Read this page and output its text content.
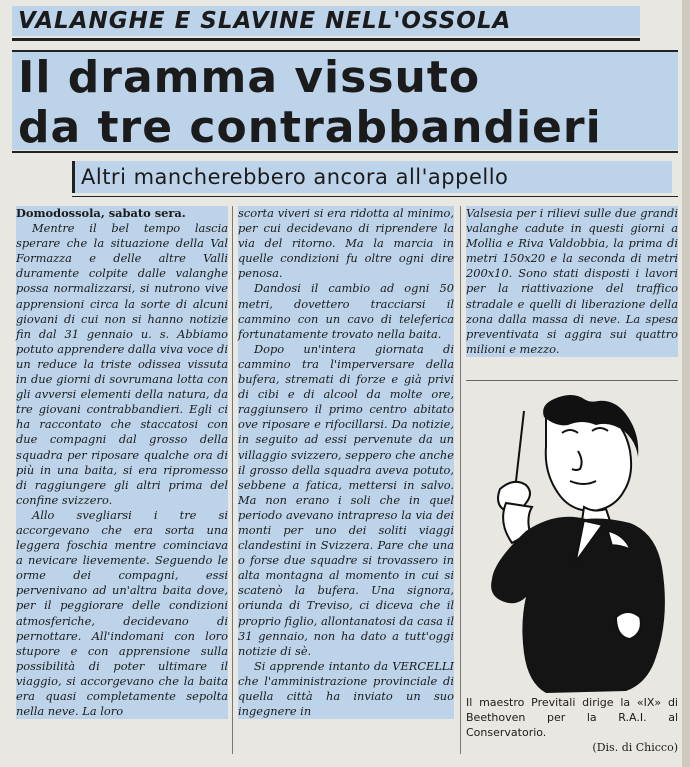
VALANGHE E SLAVINE NELL'OSSOLA
Il dramma vissuto
da tre contrabbandieri
Altri mancherebbero ancora all'appello

Domodossola, sabato sera.

Mentre il bel tempo lascia sperare che la situazione della Val Formazza e delle altre Valli duramente colpite dalle valanghe possa normalizzarsi, si nutrono vive apprensioni circa la sorte di alcuni giovani di cui non si hanno notizie fin dal 31 gennaio u. s. Abbiamo potuto apprendere dalla viva voce di un reduce la triste odissea vissuta in due giorni di sovrumana lotta con gli avversi elementi della natura, da tre giovani contrabbandieri. Egli ci ha raccontato che staccatosi con due compagni dal grosso della squadra per riposare qualche ora di più in una baita, si era ripromesso di raggiungere gli altri prima del confine svizzero.

Allo svegliarsi i tre si accorgevano che era sorta una leggera foschia mentre cominciava a nevicare lievemente. Seguendo le orme dei compagni, essi pervenivano ad un'altra baita dove, per il peggiorare delle condizioni atmosferiche, decidevano di pernottare. All'indomani con loro stupore e con apprensione sulla possibilità di poter ultimare il viaggio, si accorgevano che la baita era quasi completamente sepolta nella neve. La loro

scorta viveri si era ridotta al minimo, per cui decidevano di riprendere la via del ritorno. Ma la marcia in quelle condizioni fu oltre ogni dire penosa.

Dandosi il cambio ad ogni 50 metri, dovettero tracciarsi il cammino con un cavo di teleferica fortunatamente trovato nella baita.

Dopo un'intera giornata di cammino tra l'imperversare della bufera, stremati di forze e già privi di cibi e di alcool da molte ore, raggiunsero il primo centro abitato ove riposare e rifocillarsi. Da notizie, in seguito ad essi pervenute da un villaggio svizzero, seppero che anche il grosso della squadra aveva potuto, sebbene a fatica, mettersi in salvo. Ma non erano i soli che in quel periodo avevano intrapreso la via dei monti per uno dei soliti viaggi clandestini in Svizzera. Pare che una o forse due squadre si trovassero in alta montagna al momento in cui si scatenò la bufera. Una signora, oriunda di Treviso, ci diceva che il proprio figlio, allontanatosi da casa il 31 gennaio, non ha dato a tutt'oggi notizie di sè.

Si apprende intanto da VERCELLI che l'amministrazione provinciale di quella città ha inviato un suo ingegnere in

Valsesia per i rilievi sulle due grandi valanghe cadute in questi giorni a Mollia e Riva Valdobbia, la prima di metri 150x20 e la seconda di metri 200x10. Sono stati disposti i lavori per la riattivazione del traffico stradale e quelli di liberazione della zona dalla massa di neve. La spesa preventivata si aggira sui quattro milioni e mezzo.

Il maestro Previtali dirige la «IX» di Beethoven per la R.A.I. al Conservatorio.
(Dis. di Chicco)
